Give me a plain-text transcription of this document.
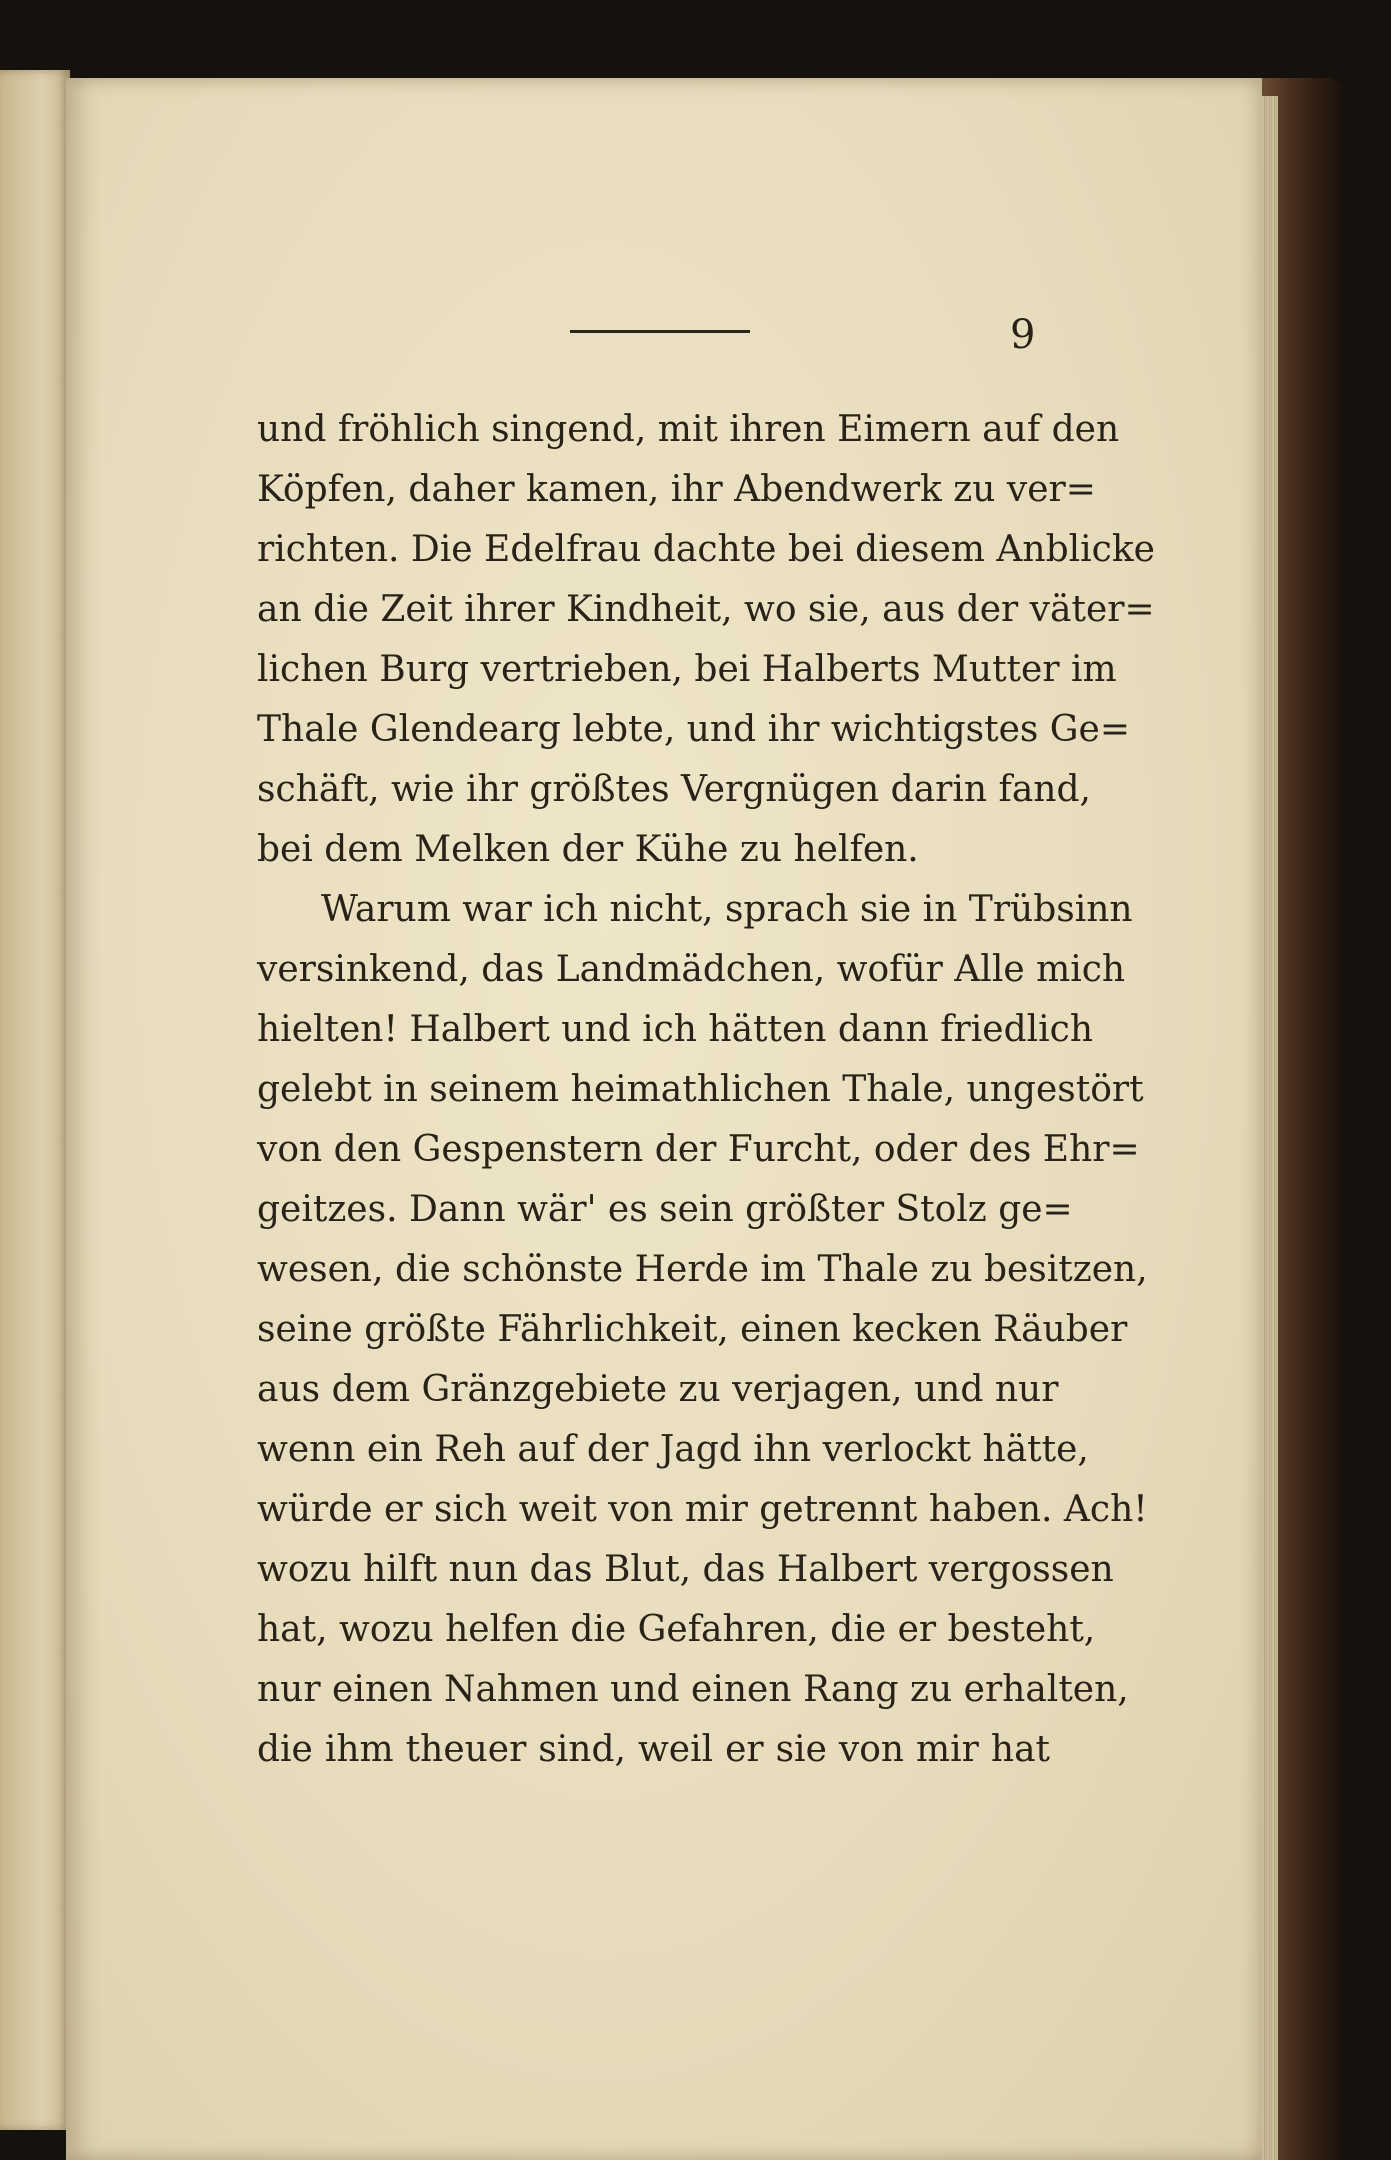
9
und fröhlich singend, mit ihren Eimern auf den
Köpfen, daher kamen, ihr Abendwerk zu ver=
richten. Die Edelfrau dachte bei diesem Anblicke
an die Zeit ihrer Kindheit, wo sie, aus der väter=
lichen Burg vertrieben, bei Halberts Mutter im
Thale Glendearg lebte, und ihr wichtigstes Ge=
schäft, wie ihr größtes Vergnügen darin fand,
bei dem Melken der Kühe zu helfen.
Warum war ich nicht, sprach sie in Trübsinn
versinkend, das Landmädchen, wofür Alle mich
hielten! Halbert und ich hätten dann friedlich
gelebt in seinem heimathlichen Thale, ungestört
von den Gespenstern der Furcht, oder des Ehr=
geitzes. Dann wär' es sein größter Stolz ge=
wesen, die schönste Herde im Thale zu besitzen,
seine größte Fährlichkeit, einen kecken Räuber
aus dem Gränzgebiete zu verjagen, und nur
wenn ein Reh auf der Jagd ihn verlockt hätte,
würde er sich weit von mir getrennt haben. Ach!
wozu hilft nun das Blut, das Halbert vergossen
hat, wozu helfen die Gefahren, die er besteht,
nur einen Nahmen und einen Rang zu erhalten,
die ihm theuer sind, weil er sie von mir hat
